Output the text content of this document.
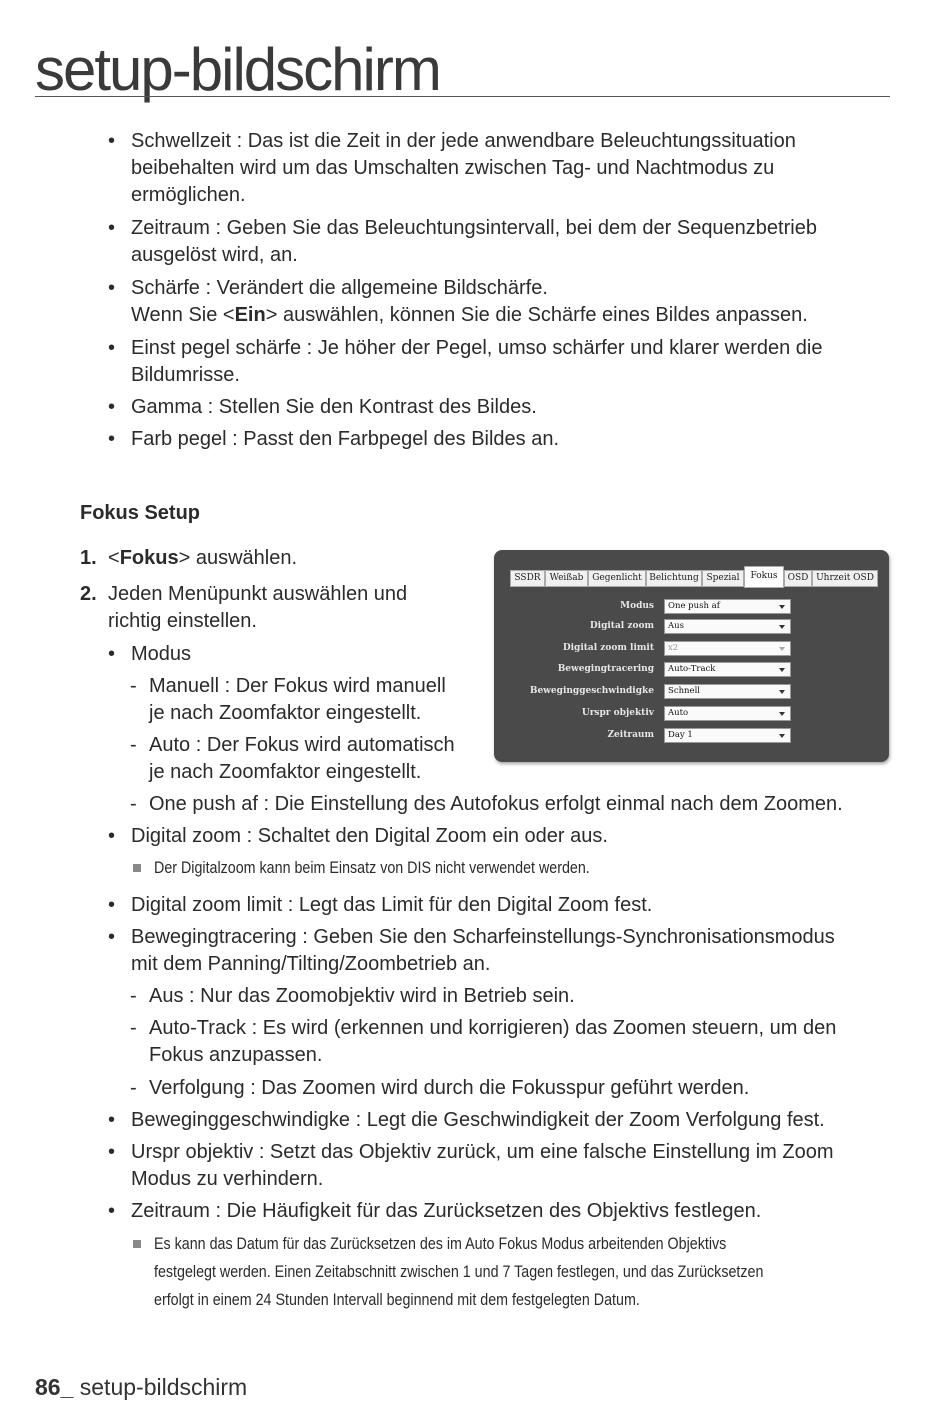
setup-bildschirm
• Schwellzeit : Das ist die Zeit in der jede anwendbare Beleuchtungssituation
beibehalten wird um das Umschalten zwischen Tag- und Nachtmodus zu
ermöglichen.
• Zeitraum : Geben Sie das Beleuchtungsintervall, bei dem der Sequenzbetrieb
ausgelöst wird, an.
• Schärfe : Verändert die allgemeine Bildschärfe.
Wenn Sie <Ein> auswählen, können Sie die Schärfe eines Bildes anpassen.
• Einst pegel schärfe : Je höher der Pegel, umso schärfer und klarer werden die
Bildumrisse.
• Gamma : Stellen Sie den Kontrast des Bildes.
• Farb pegel : Passt den Farbpegel des Bildes an.
Fokus Setup
1. <Fokus> auswählen.
2. Jeden Menüpunkt auswählen und
richtig einstellen.
• Modus
- Manuell : Der Fokus wird manuell
je nach Zoomfaktor eingestellt.
- Auto : Der Fokus wird automatisch
je nach Zoomfaktor eingestellt.
- One push af : Die Einstellung des Autofokus erfolgt einmal nach dem Zoomen.
• Digital zoom : Schaltet den Digital Zoom ein oder aus.
Der Digitalzoom kann beim Einsatz von DIS nicht verwendet werden.
• Digital zoom limit : Legt das Limit für den Digital Zoom fest.
• Bewegingtracering : Geben Sie den Scharfeinstellungs-Synchronisationsmodus
mit dem Panning/Tilting/Zoombetrieb an.
- Aus : Nur das Zoomobjektiv wird in Betrieb sein.
- Auto-Track : Es wird (erkennen und korrigieren) das Zoomen steuern, um den
Fokus anzupassen.
- Verfolgung : Das Zoomen wird durch die Fokusspur geführt werden.
• Beweginggeschwindigke : Legt die Geschwindigkeit der Zoom Verfolgung fest.
• Urspr objektiv : Setzt das Objektiv zurück, um eine falsche Einstellung im Zoom
Modus zu verhindern.
• Zeitraum : Die Häufigkeit für das Zurücksetzen des Objektivs festlegen.
Es kann das Datum für das Zurücksetzen des im Auto Fokus Modus arbeitenden Objektivs
festgelegt werden. Einen Zeitabschnitt zwischen 1 und 7 Tagen festlegen, und das Zurücksetzen
erfolgt in einem 24 Stunden Intervall beginnend mit dem festgelegten Datum.
SSDR Weißab Gegenlicht Belichtung Spezial	Fokus	OSD Uhrzeit OSD
Modus	One push af
Digital zoom	Aus
Digital zoom limit	x2
Bewegingtracering	Auto-Track
Beweginggeschwindigke	Schnell
Urspr objektiv	Auto
Zeitraum	Day 1
86_ setup-bildschirm
